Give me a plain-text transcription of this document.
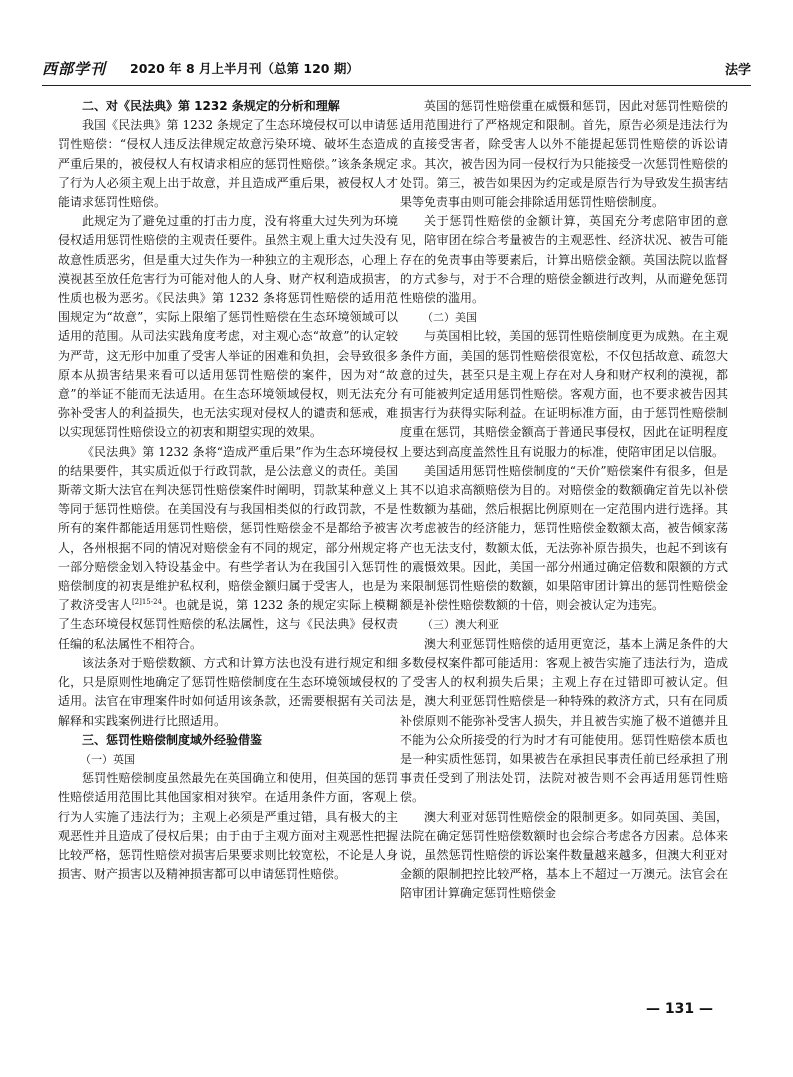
西部学刊 2020 年 8 月上半月刊（总第 120 期）	法学
二、对《民法典》第 1232 条规定的分析和理解

我国《民法典》第 1232 条规定了生态环境侵权可以申请惩罚性赔偿：“侵权人违反法律规定故意污染环境、破坏生态造成严重后果的，被侵权人有权请求相应的惩罚性赔偿。”该条条规定了行为人必须主观上出于故意，并且造成严重后果，被侵权人才能请求惩罚性赔偿。

此规定为了避免过重的打击力度，没有将重大过失列为环境侵权适用惩罚性赔偿的主观责任要件。虽然主观上重大过失没有故意性质恶劣，但是重大过失作为一种独立的主观形态，心理上漠视甚至放任危害行为可能对他人的人身、财产权利造成损害，性质也极为恶劣。《民法典》第 1232 条将惩罚性赔偿的适用范围规定为“故意”，实际上限缩了惩罚性赔偿在生态环境领域可以适用的范围。从司法实践角度考虑，对主观心态“故意”的认定较为严苛，这无形中加重了受害人举证的困难和负担，会导致很多原本从损害结果来看可以适用惩罚性赔偿的案件，因为对“故意”的举证不能而无法适用。在生态环境领域侵权，则无法充分弥补受害人的利益损失，也无法实现对侵权人的谴责和惩戒，难以实现惩罚性赔偿设立的初衷和期望实现的效果。

《民法典》第 1232 条将“造成严重后果”作为生态环境侵权的结果要件，其实质近似于行政罚款，是公法意义的责任。美国斯蒂文斯大法官在判决惩罚性赔偿案件时阐明，罚款某种意义上等同于惩罚性赔偿。在美国没有与我国相类似的行政罚款，不是所有的案件都能适用惩罚性赔偿，惩罚性赔偿金不是都给予被害人，各州根据不同的情况对赔偿金有不同的规定，部分州规定将一部分赔偿金划入特设基金中。有些学者认为在我国引入惩罚性赔偿制度的初衷是维护私权利，赔偿金额归属于受害人，也是为了救济受害人$^{[2]15-24}$。也就是说，第 1232 条的规定实际上模糊了生态环境侵权惩罚性赔偿的私法属性，这与《民法典》侵权责任编的私法属性不相符合。

该法条对于赔偿数额、方式和计算方法也没有进行规定和细化，只是原则性地确定了惩罚性赔偿制度在生态环境领域侵权的适用。法官在审理案件时如何适用该条款，还需要根据有关司法解释和实践案例进行比照适用。

三、惩罚性赔偿制度域外经验借鉴
（一）英国

惩罚性赔偿制度虽然最先在英国确立和使用，但英国的惩罚性赔偿适用范围比其他国家相对狭窄。在适用条件方面，客观上行为人实施了违法行为；主观上必须是严重过错，具有极大的主观恶性并且造成了侵权后果；由于由于主观方面对主观恶性把握比较严格，惩罚性赔偿对损害后果要求则比较宽松，不论是人身损害、财产损害以及精神损害都可以申请惩罚性赔偿。

英国的惩罚性赔偿重在威慑和惩罚，因此对惩罚性赔偿的适用范围进行了严格规定和限制。首先，原告必须是违法行为的直接受害者，除受害人以外不能提起惩罚性赔偿的诉讼请求。其次，被告因为同一侵权行为只能接受一次惩罚性赔偿的处罚。第三，被告如果因为约定或是原告行为导致发生损害结果等免责事由则可能会排除适用惩罚性赔偿制度。

关于惩罚性赔偿的金额计算，英国充分考虑陪审团的意见，陪审团在综合考量被告的主观恶性、经济状况、被告可能存在的免责事由等要素后，计算出赔偿金额。英国法院以监督的方式参与，对于不合理的赔偿金额进行改判，从而避免惩罚性赔偿的滥用。

（二）美国

与英国相比较，美国的惩罚性赔偿制度更为成熟。在主观条件方面，美国的惩罚性赔偿很宽松，不仅包括故意、疏忽大意的过失，甚至只是主观上存在对人身和财产权利的漠视，都有可能被判定适用惩罚性赔偿。客观方面，也不要求被告因其损害行为获得实际利益。在证明标准方面，由于惩罚性赔偿制度重在惩罚，其赔偿金额高于普通民事侵权，因此在证明程度上要达到高度盖然性且有说服力的标准，使陪审团足以信服。

美国适用惩罚性赔偿制度的“天价”赔偿案件有很多，但是其不以追求高额赔偿为目的。对赔偿金的数额确定首先以补偿性数额为基础，然后根据比例原则在一定范围内进行选择。其次考虑被告的经济能力，惩罚性赔偿金数额太高，被告倾家荡产也无法支付，数额太低，无法弥补原告损失，也起不到该有的震慑效果。因此，美国一部分州通过确定倍数和限额的方式来限制惩罚性赔偿的数额，如果陪审团计算出的惩罚性赔偿金额是补偿性赔偿数额的十倍，则会被认定为违宪。

（三）澳大利亚

澳大利亚惩罚性赔偿的适用更宽泛，基本上满足条件的大多数侵权案件都可能适用：客观上被告实施了违法行为，造成了受害人的权利损失后果；主观上存在过错即可被认定。但是，澳大利亚惩罚性赔偿是一种特殊的救济方式，只有在同质补偿原则不能弥补受害人损失，并且被告实施了极不道德并且不能为公众所接受的行为时才有可能使用。惩罚性赔偿本质也是一种实质性惩罚，如果被告在承担民事责任前已经承担了刑事责任受到了刑法处罚，法院对被告则不会再适用惩罚性赔偿。

澳大利亚对惩罚性赔偿金的限制更多。如同英国、美国，法院在确定惩罚性赔偿数额时也会综合考虑各方因素。总体来说，虽然惩罚性赔偿的诉讼案件数量越来越多，但澳大利亚对金额的限制把控比较严格，基本上不超过一万澳元。法官会在陪审团计算确定惩罚性赔偿金

— 131 —
